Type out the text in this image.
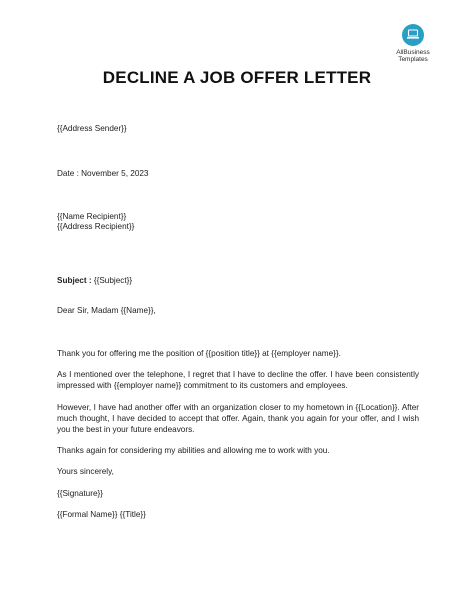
AllBusiness
Templates
DECLINE A JOB OFFER LETTER
{{Address Sender}}
Date : November 5, 2023
{{Name Recipient}}
{{Address Recipient}}
Subject : {{Subject}}
Dear Sir, Madam {{Name}},
Thank you for offering me the position of {{position title}} at {{employer name}}.
As I mentioned over the telephone, I regret that I have to decline the offer. I have been consistently impressed with {{employer name}} commitment to its customers and employees.
However, I have had another offer with an organization closer to my hometown in {{Location}}. After much thought, I have decided to accept that offer. Again, thank you again for your offer, and I wish you the best in your future endeavors.
Thanks again for considering my abilities and allowing me to work with you.
Yours sincerely,
{{Signature}}
{{Formal Name}} {{Title}}
